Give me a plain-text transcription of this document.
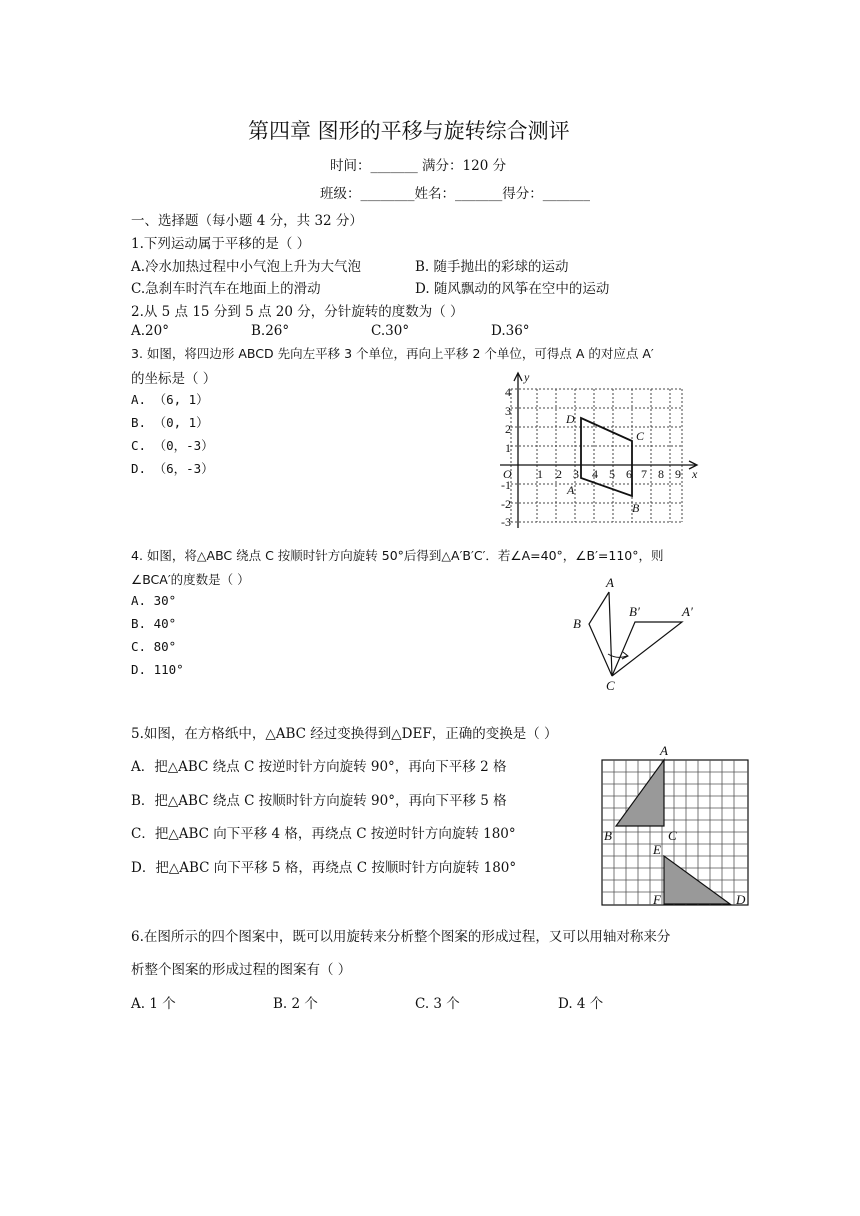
第四章 图形的平移与旋转综合测评
时间：_______ 满分：120 分
班级：________姓名：_______得分：_______
一、选择题（每小题 4 分，共 32 分）
1.下列运动属于平移的是（ ）
A.冷水加热过程中小气泡上升为大气泡	B. 随手抛出的彩球的运动
C.急刹车时汽车在地面上的滑动	D. 随风飘动的风筝在空中的运动
2.从 5 点 15 分到 5 点 20 分，分针旋转的度数为（ ）
A.20°	B.26°	C.30°	D.36°
3. 如图，将四边形 ABCD 先向左平移 3 个单位，再向上平移 2 个单位，可得点 A 的对应点 A′
的坐标是（ ）
A. （6, 1）
B. （0, 1）
C. （0，-3）
D. （6，-3）	x
y
O 1 2 3 4 5 6 7 8 9
1
2
3
4
-1
-2
-3
A
B
C
D
4. 如图，将△ABC 绕点 C 按顺时针方向旋转 50°后得到△A′B′C′．若∠A=40°，∠B′=110°，则
∠BCA′的度数是（ ）
A. 30°
B. 40°
C. 80°
D. 110°
A
B
B′	A′
C
5.如图，在方格纸中，△ABC 经过变换得到△DEF，正确的变换是（ ）
A．把△ABC 绕点 C 按逆时针方向旋转 90°，再向下平移 2 格
B．把△ABC 绕点 C 按顺时针方向旋转 90°，再向下平移 5 格
C．把△ABC 向下平移 4 格，再绕点 C 按逆时针方向旋转 180°
D．把△ABC 向下平移 5 格，再绕点 C 按顺时针方向旋转 180°
A
B	C
E
F	D
6.在图所示的四个图案中，既可以用旋转来分析整个图案的形成过程，又可以用轴对称来分
析整个图案的形成过程的图案有（ ）
A. 1 个	B. 2 个	C. 3 个	D. 4 个
